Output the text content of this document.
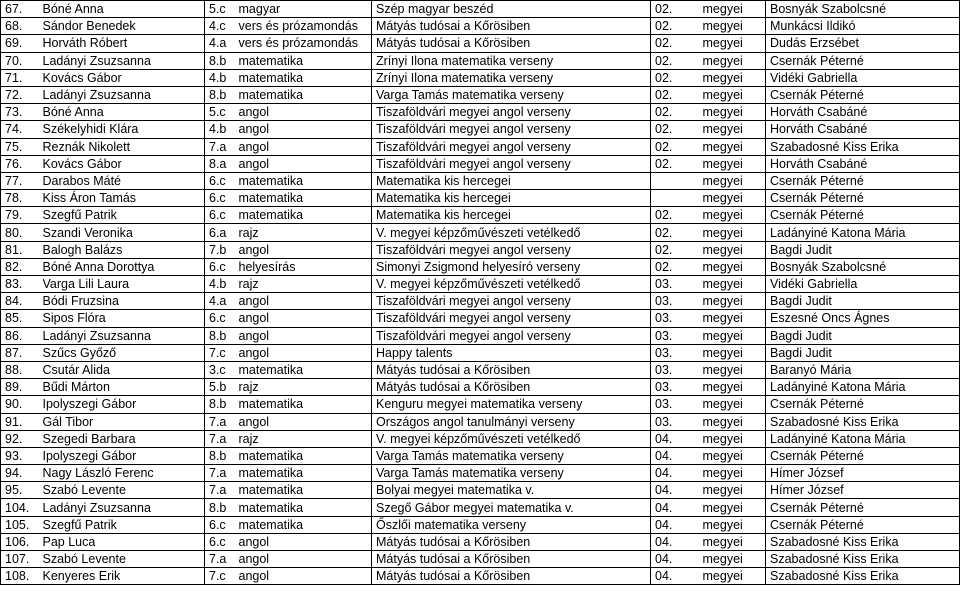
67.	Bóné Anna	5.c	magyar	Szép magyar beszéd	02.	megyei	Bosnyák Szabolcsné
68.	Sándor Benedek	4.c	vers és prózamondás	Mátyás tudósai a Kőrösiben	02.	megyei	Munkácsi Ildikó
69.	Horváth Róbert	4.a	vers és prózamondás	Mátyás tudósai a Kőrösiben	02.	megyei	Dudás Erzsébet
70.	Ladányi Zsuzsanna	8.b	matematika	Zrínyi Ilona matematika verseny	02.	megyei	Csernák Péterné
71.	Kovács Gábor	4.b	matematika	Zrínyi Ilona matematika verseny	02.	megyei	Vidéki Gabriella
72.	Ladányi Zsuzsanna	8.b	matematika	Varga Tamás matematika verseny	02.	megyei	Csernák Péterné
73.	Bóné Anna	5.c	angol	Tiszaföldvári megyei angol verseny	02.	megyei	Horváth Csabáné
74.	Székelyhidi Klára	4.b	angol	Tiszaföldvári megyei angol verseny	02.	megyei	Horváth Csabáné
75.	Reznák Nikolett	7.a	angol	Tiszaföldvári megyei angol verseny	02.	megyei	Szabadosné Kiss Erika
76.	Kovács Gábor	8.a	angol	Tiszaföldvári megyei angol verseny	02.	megyei	Horváth Csabáné
77.	Darabos Máté	6.c	matematika	Matematika kis hercegei		megyei	Csernák Péterné
78.	Kiss Áron Tamás	6.c	matematika	Matematika kis hercegei		megyei	Csernák Péterné
79.	Szegfű Patrik	6.c	matematika	Matematika kis hercegei	02.	megyei	Csernák Péterné
80.	Szandi Veronika	6.a	rajz	V. megyei képzőművészeti vetélkedő	02.	megyei	Ladányiné Katona Mária
81.	Balogh Balázs	7.b	angol	Tiszaföldvári megyei angol verseny	02.	megyei	Bagdi Judit
82.	Bóné Anna Dorottya	6.c	helyesírás	Simonyi Zsigmond helyesíró verseny	02.	megyei	Bosnyák Szabolcsné
83.	Varga Lili Laura	4.b	rajz	V. megyei képzőművészeti vetélkedő	03.	megyei	Vidéki Gabriella
84.	Bódi Fruzsina	4.a	angol	Tiszaföldvári megyei angol verseny	03.	megyei	Bagdi Judit
85.	Sipos Flóra	6.c	angol	Tiszaföldvári megyei angol verseny	03.	megyei	Eszesné Oncs Ágnes
86.	Ladányi Zsuzsanna	8.b	angol	Tiszaföldvári megyei angol verseny	03.	megyei	Bagdi Judit
87.	Szűcs Győző	7.c	angol	Happy talents	03.	megyei	Bagdi Judit
88.	Csutár Alida	3.c	matematika	Mátyás tudósai a Kőrösiben	03.	megyei	Baranyó Mária
89.	Bűdi Márton	5.b	rajz	Mátyás tudósai a Kőrösiben	03.	megyei	Ladányiné Katona Mária
90.	Ipolyszegi Gábor	8.b	matematika	Kenguru megyei matematika verseny	03.	megyei	Csernák Péterné
91.	Gál Tibor	7.a	angol	Országos angol tanulmányi verseny	03.	megyei	Szabadosné Kiss Erika
92.	Szegedi Barbara	7.a	rajz	V. megyei képzőművészeti vetélkedő	04.	megyei	Ladányiné Katona Mária
93.	Ipolyszegi Gábor	8.b	matematika	Varga Tamás matematika verseny	04.	megyei	Csernák Péterné
94.	Nagy László Ferenc	7.a	matematika	Varga Tamás matematika verseny	04.	megyei	Hímer József
95.	Szabó Levente	7.a	matematika	Bolyai megyei matematika v.	04.	megyei	Hímer József
104.	Ladányi Zsuzsanna	8.b	matematika	Szegő Gábor megyei matematika v.	04.	megyei	Csernák Péterné
105.	Szegfű Patrik	6.c	matematika	Őszlői matematika verseny	04.	megyei	Csernák Péterné
106.	Pap Luca	6.c	angol	Mátyás tudósai a Kőrösiben	04.	megyei	Szabadosné Kiss Erika
107.	Szabó Levente	7.a	angol	Mátyás tudósai a Kőrösiben	04.	megyei	Szabadosné Kiss Erika
108.	Kenyeres Erik	7.c	angol	Mátyás tudósai a Kőrösiben	04.	megyei	Szabadosné Kiss Erika
